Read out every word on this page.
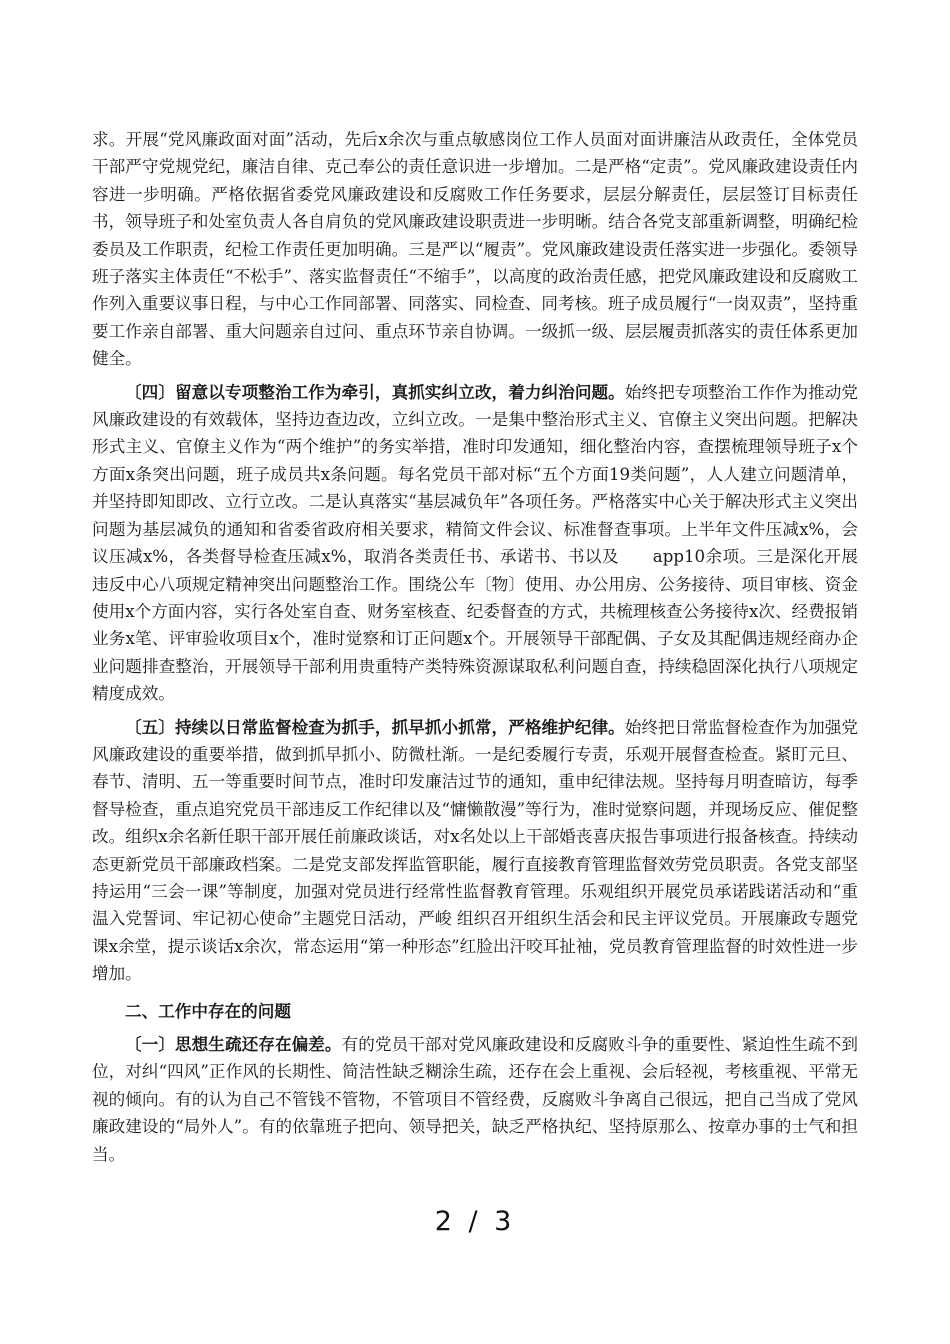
求。开展“党风廉政面对面”活动，先后x余次与重点敏感岗位工作人员面对面讲廉洁从政责任，全体党员干部严守党规党纪，廉洁自律、克己奉公的责任意识进一步增加。二是严格“定责”。党风廉政建设责任内容进一步明确。严格依据省委党风廉政建设和反腐败工作任务要求，层层分解责任，层层签订目标责任书，领导班子和处室负责人各自肩负的党风廉政建设职责进一步明晰。结合各党支部重新调整，明确纪检委员及工作职责，纪检工作责任更加明确。三是严以“履责”。党风廉政建设责任落实进一步强化。委领导班子落实主体责任“不松手”、落实监督责任“不缩手”，以高度的政治责任感，把党风廉政建设和反腐败工作列入重要议事日程，与中心工作同部署、同落实、同检查、同考核。班子成员履行“一岗双责”，坚持重要工作亲自部署、重大问题亲自过问、重点环节亲自协调。一级抓一级、层层履责抓落实的责任体系更加健全。

〔四〕留意以专项整治工作为牵引，真抓实纠立改，着力纠治问题。始终把专项整治工作作为推动党风廉政建设的有效载体，坚持边查边改，立纠立改。一是集中整治形式主义、官僚主义突出问题。把解决形式主义、官僚主义作为“两个维护”的务实举措，准时印发通知，细化整治内容，查摆梳理领导班子x个方面x条突出问题，班子成员共x条问题。每名党员干部对标“五个方面19类问题”，人人建立问题清单，并坚持即知即改、立行立改。二是认真落实“基层减负年”各项任务。严格落实中心关于解决形式主义突出问题为基层减负的通知和省委省政府相关要求，精简文件会议、标准督查事项。上半年文件压减x%，会议压减x%，各类督导检查压减x%，取消各类责任书、承诺书、书以及　　app10余项。三是深化开展违反中心八项规定精神突出问题整治工作。围绕公车〔物〕使用、办公用房、公务接待、项目审核、资金使用x个方面内容，实行各处室自查、财务室核查、纪委督查的方式，共梳理核查公务接待x次、经费报销业务x笔、评审验收项目x个，准时觉察和订正问题x个。开展领导干部配偶、子女及其配偶违规经商办企业问题排查整治，开展领导干部利用贵重特产类特殊资源谋取私利问题自查，持续稳固深化执行八项规定精度成效。

〔五〕持续以日常监督检查为抓手，抓早抓小抓常，严格维护纪律。始终把日常监督检查作为加强党风廉政建设的重要举措，做到抓早抓小、防微杜渐。一是纪委履行专责，乐观开展督查检查。紧盯元旦、春节、清明、五一等重要时间节点，准时印发廉洁过节的通知，重申纪律法规。坚持每月明查暗访，每季督导检查，重点追究党员干部违反工作纪律以及“慵懒散漫”等行为，准时觉察问题，并现场反应、催促整改。组织x余名新任职干部开展任前廉政谈话，对x名处以上干部婚丧喜庆报告事项进行报备核查。持续动态更新党员干部廉政档案。二是党支部发挥监管职能，履行直接教育管理监督效劳党员职责。各党支部坚持运用“三会一课”等制度，加强对党员进行经常性监督教育管理。乐观组织开展党员承诺践诺活动和“重温入党誓词、牢记初心使命”主题党日活动，严峻 组织召开组织生活会和民主评议党员。开展廉政专题党课x余堂，提示谈话x余次，常态运用“第一种形态”红脸出汗咬耳扯袖，党员教育管理监督的时效性进一步增加。

二、工作中存在的问题

〔一〕思想生疏还存在偏差。有的党员干部对党风廉政建设和反腐败斗争的重要性、紧迫性生疏不到位，对纠“四风”正作风的长期性、简洁性缺乏糊涂生疏，还存在会上重视、会后轻视，考核重视、平常无视的倾向。有的认为自己不管钱不管物，不管项目不管经费，反腐败斗争离自己很远，把自己当成了党风廉政建设的“局外人”。有的依靠班子把向、领导把关，缺乏严格执纪、坚持原那么、按章办事的士气和担当。

2 / 3
